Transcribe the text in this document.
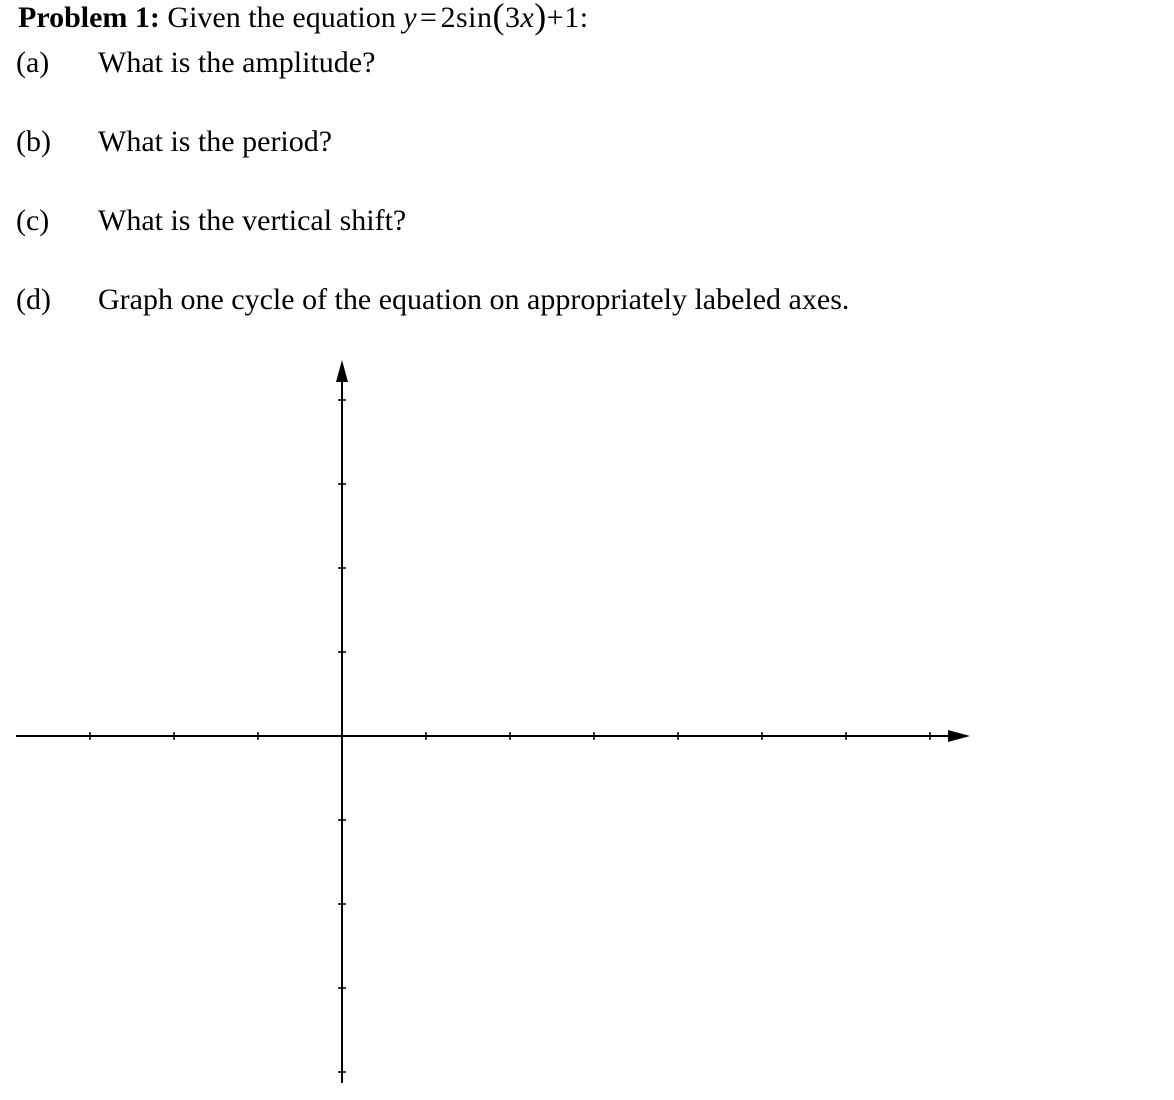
Problem 1: Given the equation y = 2sin(3x)+1:
(a) What is the amplitude?
(b) What is the period?
(c) What is the vertical shift?
(d) Graph one cycle of the equation on appropriately labeled axes.
